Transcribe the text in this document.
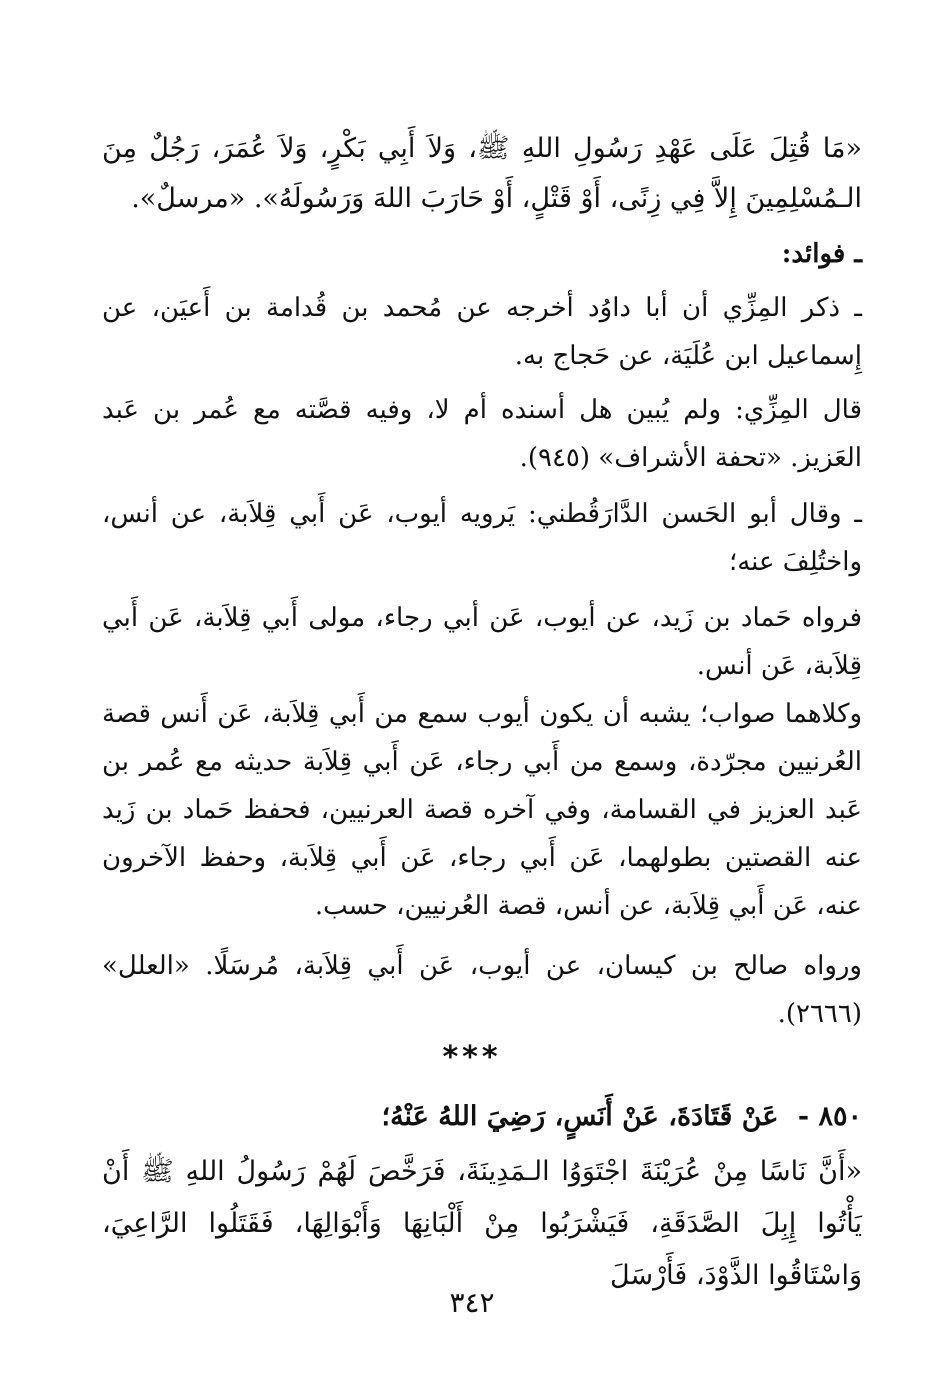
«مَا قُتِلَ عَلَى عَهْدِ رَسُولِ اللهِ ﷺ، وَلاَ أَبِي بَكْرٍ، وَلاَ عُمَرَ، رَجُلٌ مِنَ الـمُسْلِمِينَ إِلاَّ فِي زِنًى، أَوْ قَتْلٍ، أَوْ حَارَبَ اللهَ وَرَسُولَهُ». «مرسلٌ».
ـ فوائد:
ـ ذكر المِزِّي أن أبا داوُد أخرجه عن مُحمد بن قُدامة بن أَعيَن، عن إِسماعيل ابن عُلَيَة، عن حَجاج به.
قال المِزِّي: ولم يُبين هل أسنده أم لا، وفيه قصَّته مع عُمر بن عَبد العَزيز. «تحفة الأشراف» (٩٤٥).
ـ وقال أبو الحَسن الدَّارَقُطني: يَرويه أيوب، عَن أَبي قِلاَبة، عن أنس، واختُلِفَ عنه؛
فرواه حَماد بن زَيد، عن أيوب، عَن أبي رجاء، مولى أَبي قِلاَبة، عَن أَبي قِلاَبة، عَن أنس.
وكلاهما صواب؛ يشبه أن يكون أيوب سمع من أَبي قِلاَبة، عَن أَنس قصة العُرنيين مجرّدة، وسمع من أَبي رجاء، عَن أَبي قِلاَبة حديثه مع عُمر بن عَبد العزيز في القسامة، وفي آخره قصة العرنيين، فحفظ حَماد بن زَيد عنه القصتين بطولهما، عَن أَبي رجاء، عَن أَبي قِلاَبة، وحفظ الآخرون عنه، عَن أَبي قِلاَبة، عن أنس، قصة العُرنيين، حسب.
ورواه صالح بن كيسان، عن أيوب، عَن أَبي قِلاَبة، مُرسَلًا. «العلل» (٢٦٦٦).
***
٨٥٠ - عَنْ قَتَادَةَ، عَنْ أَنَسٍ، رَضِيَ اللهُ عَنْهُ؛
«أَنَّ نَاسًا مِنْ عُرَيْنَةَ اجْتَوَوُا الـمَدِينَةَ، فَرَخَّصَ لَهُمْ رَسُولُ اللهِ ﷺ أَنْ يَأْتُوا إِبِلَ الصَّدَقَةِ، فَيَشْرَبُوا مِنْ أَلْبَانِهَا وَأَبْوَالِهَا، فَقَتَلُوا الرَّاعِيَ، وَاسْتَاقُوا الذَّوْدَ، فَأَرْسَلَ
٣٤٢
